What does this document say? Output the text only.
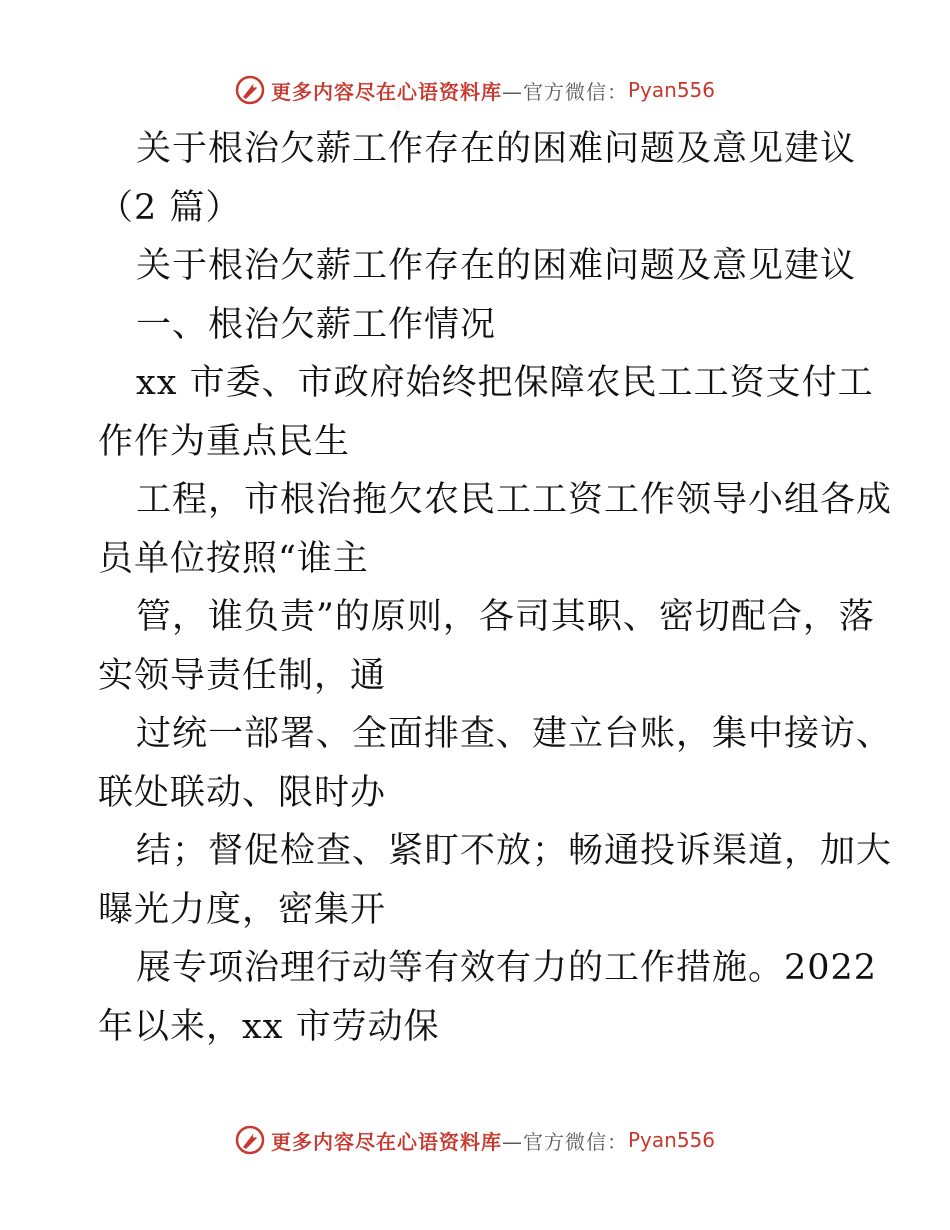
更多内容尽在心语资料库 —官方微信： Pyan556
关于根治欠薪工作存在的困难问题及意见建议
（2 篇）
关于根治欠薪工作存在的困难问题及意见建议
一、根治欠薪工作情况
xx 市委、市政府始终把保障农民工工资支付工
作作为重点民生
工程，市根治拖欠农民工工资工作领导小组各成
员单位按照“谁主
管，谁负责”的原则，各司其职、密切配合，落
实领导责任制，通
过统一部署、全面排查、建立台账，集中接访、
联处联动、限时办
结；督促检查、紧盯不放；畅通投诉渠道，加大
曝光力度，密集开
展专项治理行动等有效有力的工作措施。2022
年以来，xx 市劳动保
更多内容尽在心语资料库 —官方微信： Pyan556
